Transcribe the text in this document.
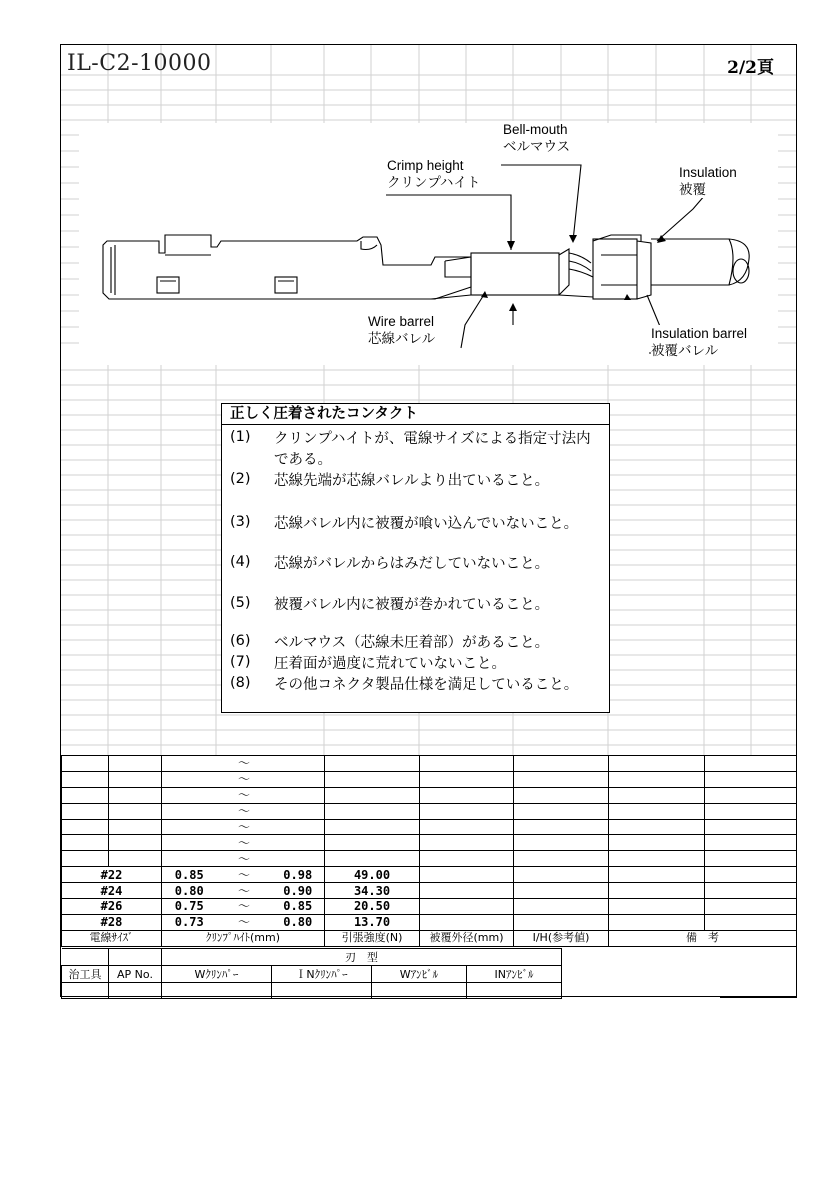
IL-C2-10000	2/2頁
Bell-mouth
ベルマウス
Crimp height
クリンプハイト
Insulation
被覆
Wire barrel
芯線バレル	Insulation barrel
被覆バレル
正しく圧着されたコンタクト
(1) クリンプハイトが、電線サイズによる指定寸法内である。
(2) 芯線先端が芯線バレルより出ていること。
(3) 芯線バレル内に被覆が喰い込んでいないこと。
(4) 芯線がバレルからはみだしていないこと。
(5) 被覆バレル内に被覆が巻かれていること。
(6) ベルマウス（芯線未圧着部）があること。
(7) 圧着面が過度に荒れていないこと。
(8) その他コネクタ製品仕様を満足していること。
			～						
			～						
			～						
			～						
			～						
			～						
			～						
#22		0.85	～	0.98	49.00				
#24		0.80	～	0.90	34.30				
#26		0.75	～	0.85	20.50				
#28		0.73	～	0.80	13.70				
電線ｻｲｽﾞ		ｸﾘﾝﾌﾟﾊｲﾄ(mm)			引張強度(N)	被覆外径(mm)	I/H(参考値)	備　考	
		刃　型			
治工具	AP No.	Wｸﾘﾝﾊﾟｰ	ＩNｸﾘﾝﾊﾟｰ	Wｱﾝﾋﾞﾙ	INｱﾝﾋﾞﾙ
